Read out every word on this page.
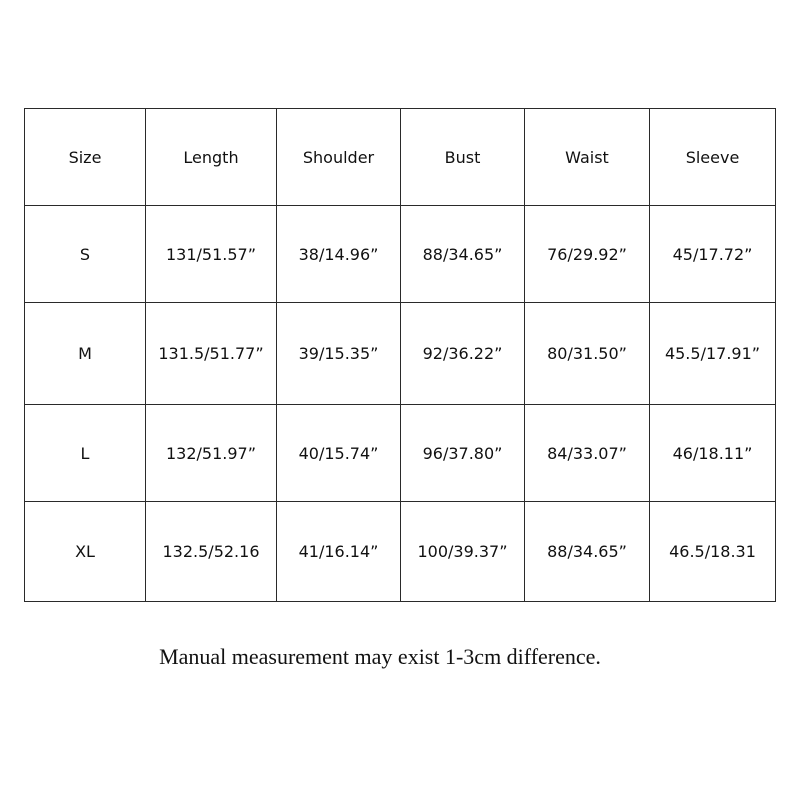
Size	Length	Shoulder	Bust	Waist	Sleeve
S	131/51.57”	38/14.96”	88/34.65”	76/29.92”	45/17.72”
M	131.5/51.77”	39/15.35”	92/36.22”	80/31.50”	45.5/17.91”
L	132/51.97”	40/15.74”	96/37.80”	84/33.07”	46/18.11”
XL	132.5/52.16	41/16.14”	100/39.37”	88/34.65”	46.5/18.31
Manual measurement may exist 1-3cm difference.
